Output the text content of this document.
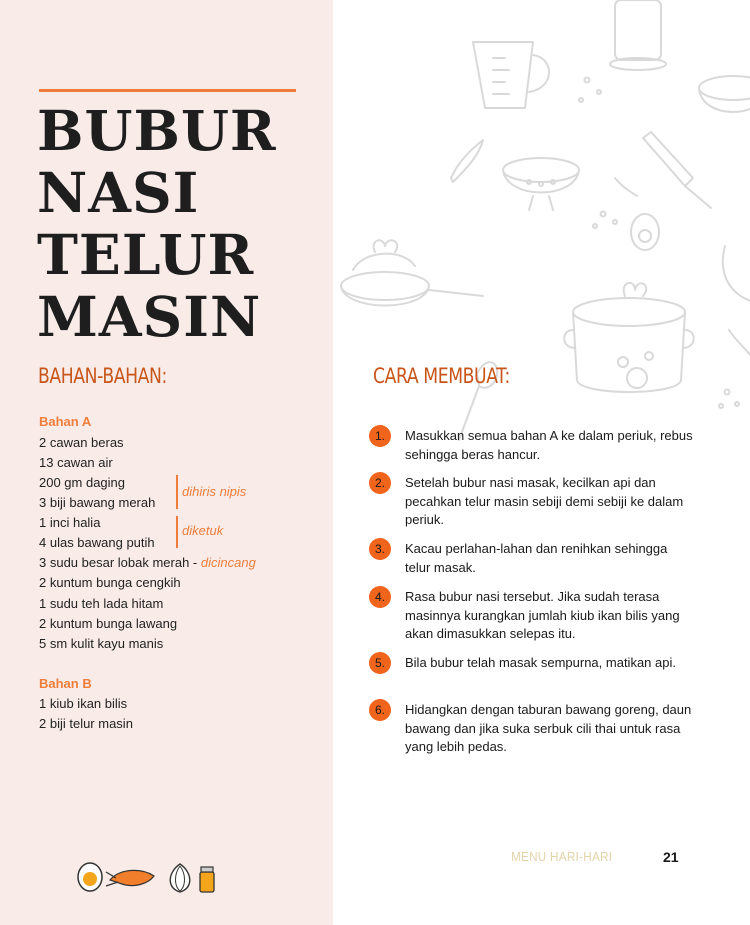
BUBUR
NASI
TELUR
MASIN
BAHAN-BAHAN:
Bahan A
2 cawan beras
13 cawan air
200 gm daging
3 biji bawang merah
1 inci halia
4 ulas bawang putih
3 sudu besar lobak merah - dicincang
2 kuntum bunga cengkih
1 sudu teh lada hitam
2 kuntum bunga lawang
5 sm kulit kayu manis
dihiris nipis
diketuk
Bahan B
1 kiub ikan bilis
2 biji telur masin
CARA MEMBUAT:
1.	Masukkan semua bahan A ke dalam periuk, rebus sehingga beras hancur.
2.	Setelah bubur nasi masak, kecilkan api dan pecahkan telur masin sebiji demi sebiji ke dalam periuk.
3.	Kacau perlahan-lahan dan renihkan sehingga telur masak.
4.	Rasa bubur nasi tersebut. Jika sudah terasa masinnya kurangkan jumlah kiub ikan bilis yang akan dimasukkan selepas itu.
5.	Bila bubur telah masak sempurna, matikan api.
6.	Hidangkan dengan taburan bawang goreng, daun bawang dan jika suka serbuk cili thai untuk rasa yang lebih pedas.
MENU HARI-HARI	21
